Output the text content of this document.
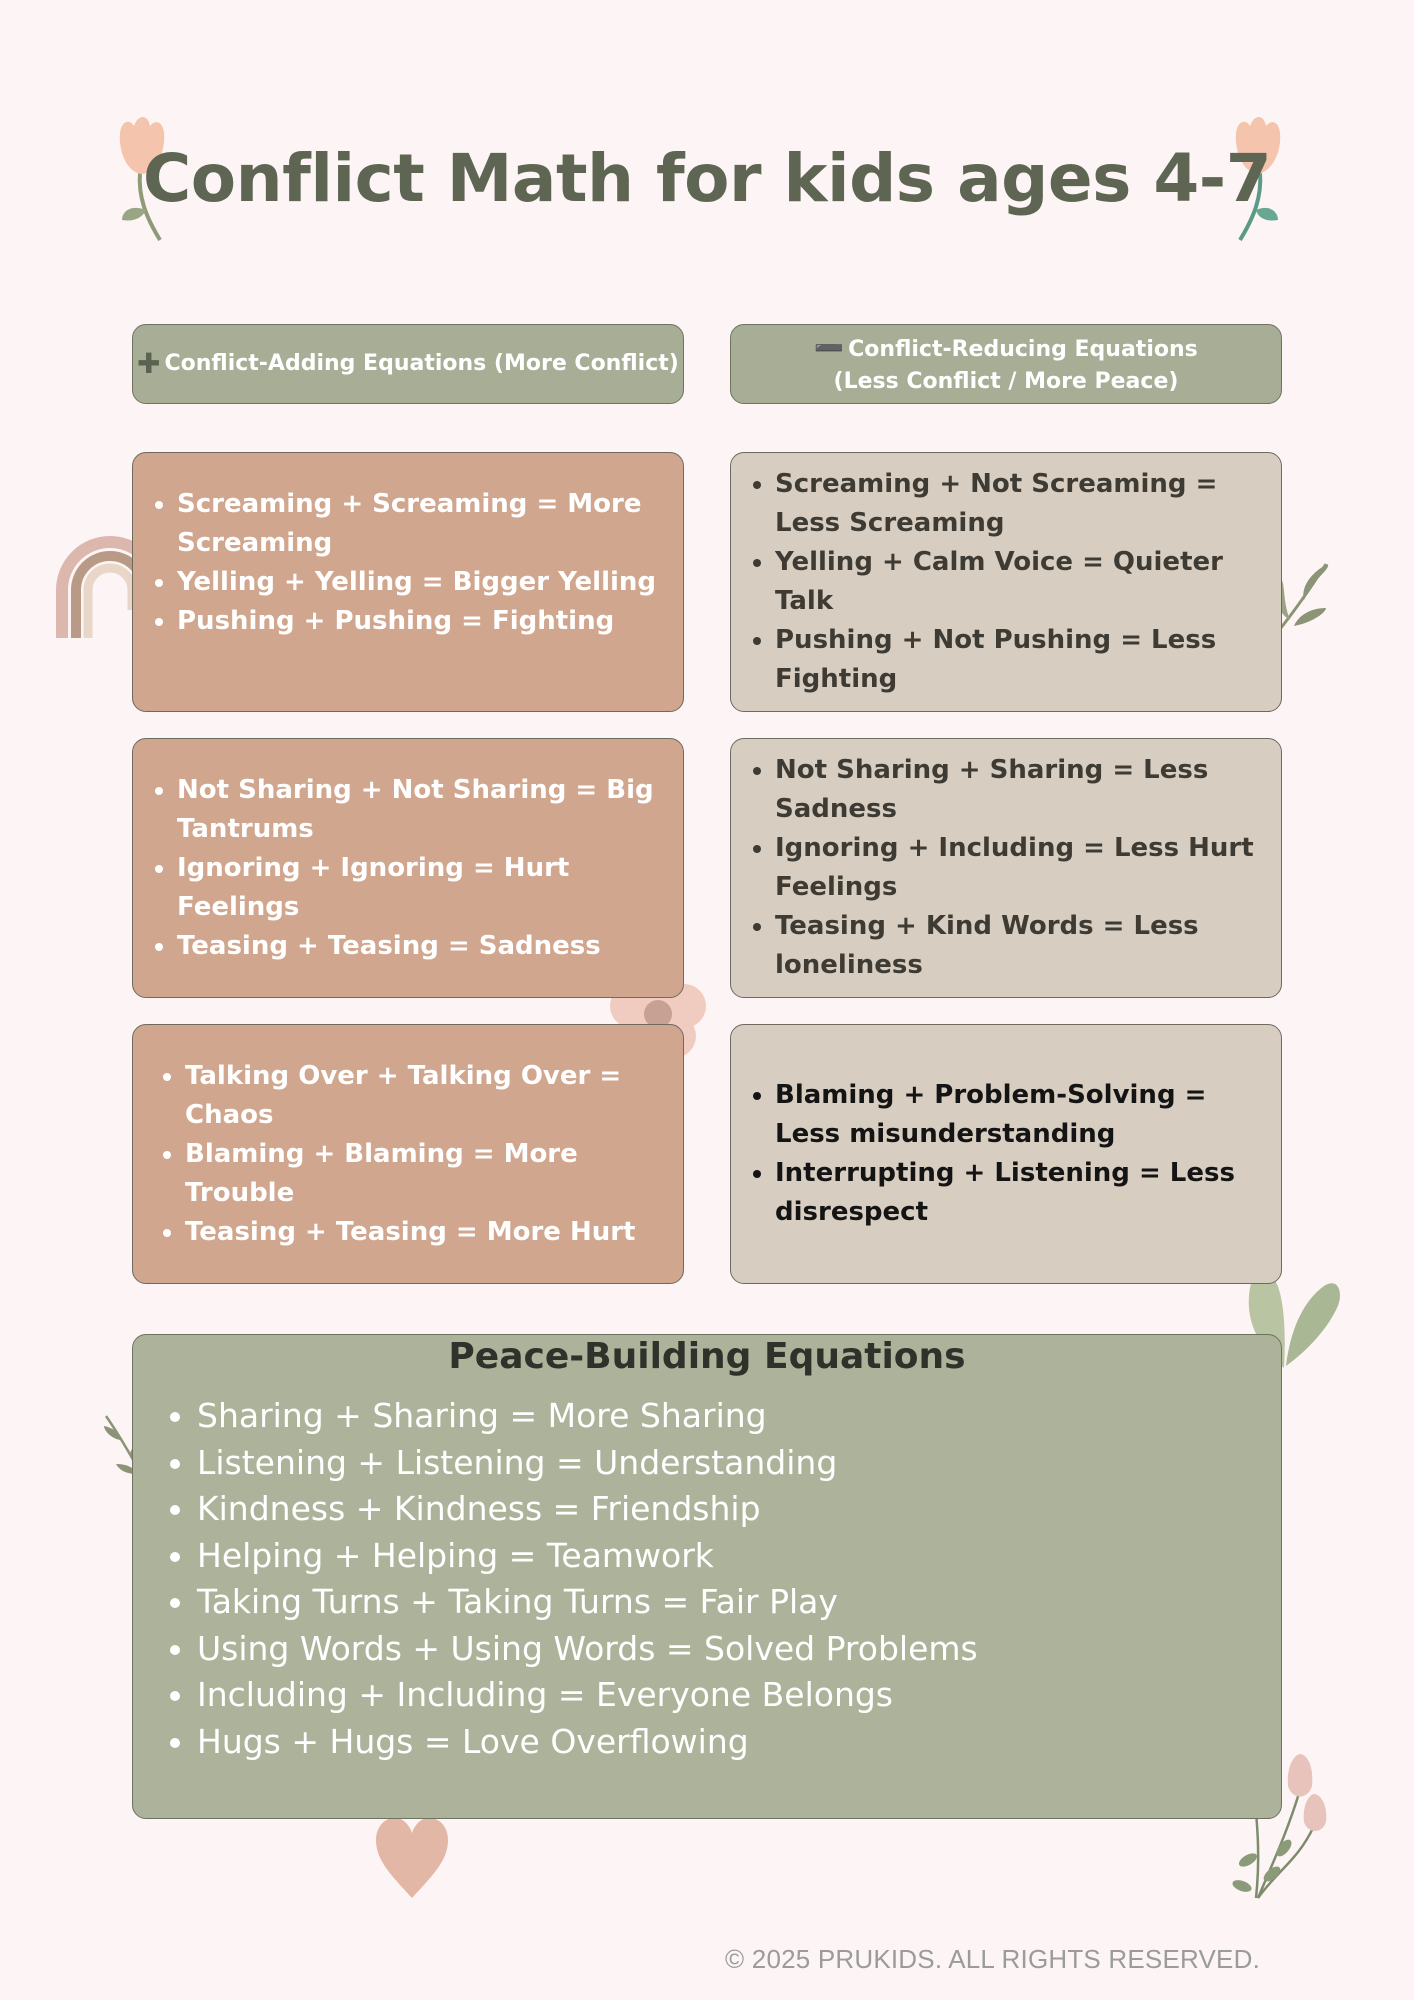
Conflict Math for kids ages 4-7
✚ Conflict-Adding Equations (More Conflict)
➖ Conflict-Reducing Equations
(Less Conflict / More Peace)
• Screaming + Screaming = More Screaming
• Yelling + Yelling = Bigger Yelling
• Pushing + Pushing = Fighting
• Not Sharing + Not Sharing = Big Tantrums
• Ignoring + Ignoring = Hurt Feelings
• Teasing + Teasing = Sadness
• Talking Over + Talking Over = Chaos
• Blaming + Blaming = More Trouble
• Teasing + Teasing = More Hurt
• Screaming + Not Screaming = Less Screaming
• Yelling + Calm Voice = Quieter Talk
• Pushing + Not Pushing = Less Fighting
• Not Sharing + Sharing = Less Sadness
• Ignoring + Including = Less Hurt Feelings
• Teasing + Kind Words = Less loneliness
• Blaming + Problem-Solving = Less misunderstanding
• Interrupting + Listening = Less disrespect
Peace-Building Equations
• Sharing + Sharing = More Sharing
• Listening + Listening = Understanding
• Kindness + Kindness = Friendship
• Helping + Helping = Teamwork
• Taking Turns + Taking Turns = Fair Play
• Using Words + Using Words = Solved Problems
• Including + Including = Everyone Belongs
• Hugs + Hugs = Love Overflowing
© 2025 PRUKIDS. ALL RIGHTS RESERVED.
